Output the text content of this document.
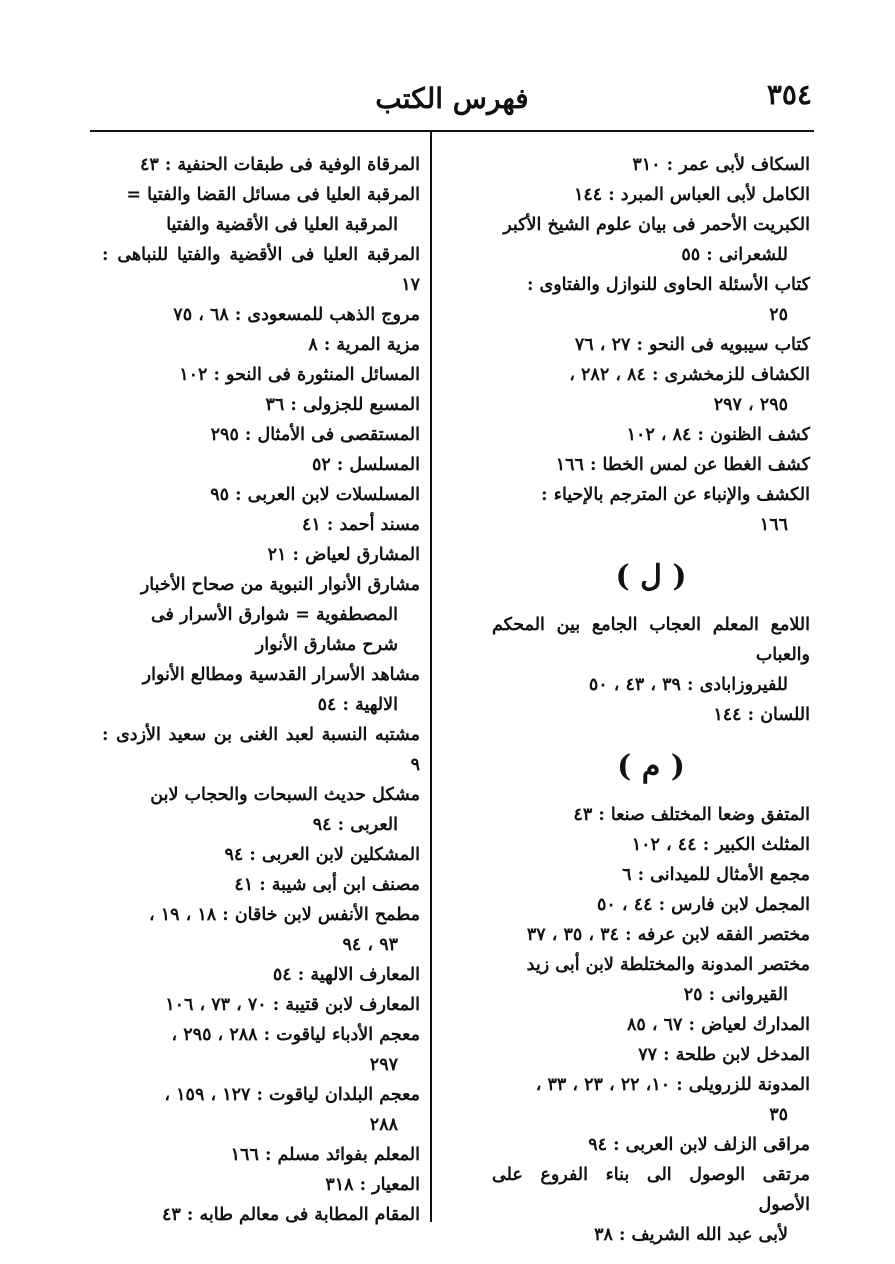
٣٥٤
فهرس الكتب

السكاف لأبى عمر : ٣١٠

الكامل لأبى العباس المبرد : ١٤٤

الكبريت الأحمر فى بيان علوم الشيخ الأكبر
للشعرانى : ٥٥

كتاب الأسئلة الحاوى للنوازل والفتاوى :
٢٥

كتاب سيبويه فى النحو : ٢٧ ، ٧٦

الكشاف للزمخشرى : ٨٤ ، ٢٨٢ ،
٢٩٥ ، ٢٩٧

كشف الظنون : ٨٤ ، ١٠٢

كشف الغطا عن لمس الخطا : ١٦٦

الكشف والإنباء عن المترجم بالإحياء :
١٦٦

( ل )

اللامع المعلم العجاب الجامع بين المحكم والعباب
للفيروزابادى : ٣٩ ، ٤٣ ، ٥٠

اللسان : ١٤٤

( م )

المتفق وضعا المختلف صنعا : ٤٣

المثلث الكبير : ٤٤ ، ١٠٢

مجمع الأمثال للميدانى : ٦

المجمل لابن فارس : ٤٤ ، ٥٠

مختصر الفقه لابن عرفه : ٣٤ ، ٣٥ ، ٣٧

مختصر المدونة والمختلطة لابن أبى زيد
القيروانى : ٢٥

المدارك لعياض : ٦٧ ، ٨٥

المدخل لابن طلحة : ٧٧

المدونة للزرويلى : ١٠، ٢٢ ، ٢٣ ، ٣٣ ،
٣٥

مراقى الزلف لابن العربى : ٩٤

مرتقى الوصول الى بناء الفروع على الأصول
لأبى عبد الله الشريف : ٣٨

المرقاة الوفية فى طبقات الحنفية : ٤٣

المرقبة العليا فى مسائل القضا والفتيا =
المرقبة العليا فى الأقضية والفتيا

المرقبة العليا فى الأقضية والفتيا للنباهى : ١٧

مروج الذهب للمسعودى : ٦٨ ، ٧٥

مزية المرية : ٨

المسائل المنثورة فى النحو : ١٠٢

المسبع للجزولى : ٣٦

المستقصى فى الأمثال : ٢٩٥

المسلسل : ٥٢

المسلسلات لابن العربى : ٩٥

مسند أحمد : ٤١

المشارق لعياض : ٢١

مشارق الأنوار النبوية من صحاح الأخبار
المصطفوية = شوارق الأسرار فى
شرح مشارق الأنوار

مشاهد الأسرار القدسية ومطالع الأنوار
الالهية : ٥٤

مشتبه النسبة لعبد الغنى بن سعيد الأزدى : ٩

مشكل حديث السبحات والحجاب لابن
العربى : ٩٤

المشكلين لابن العربى : ٩٤

مصنف ابن أبى شيبة : ٤١

مطمح الأنفس لابن خاقان : ١٨ ، ١٩ ،
٩٣ ، ٩٤

المعارف الالهية : ٥٤

المعارف لابن قتيبة : ٧٠ ، ٧٣ ، ١٠٦

معجم الأدباء لياقوت : ٢٨٨ ، ٢٩٥ ،
٢٩٧

معجم البلدان لياقوت : ١٢٧ ، ١٥٩ ،
٢٨٨

المعلم بفوائد مسلم : ١٦٦

المعيار : ٣١٨

المقام المطابة فى معالم طابه : ٤٣
